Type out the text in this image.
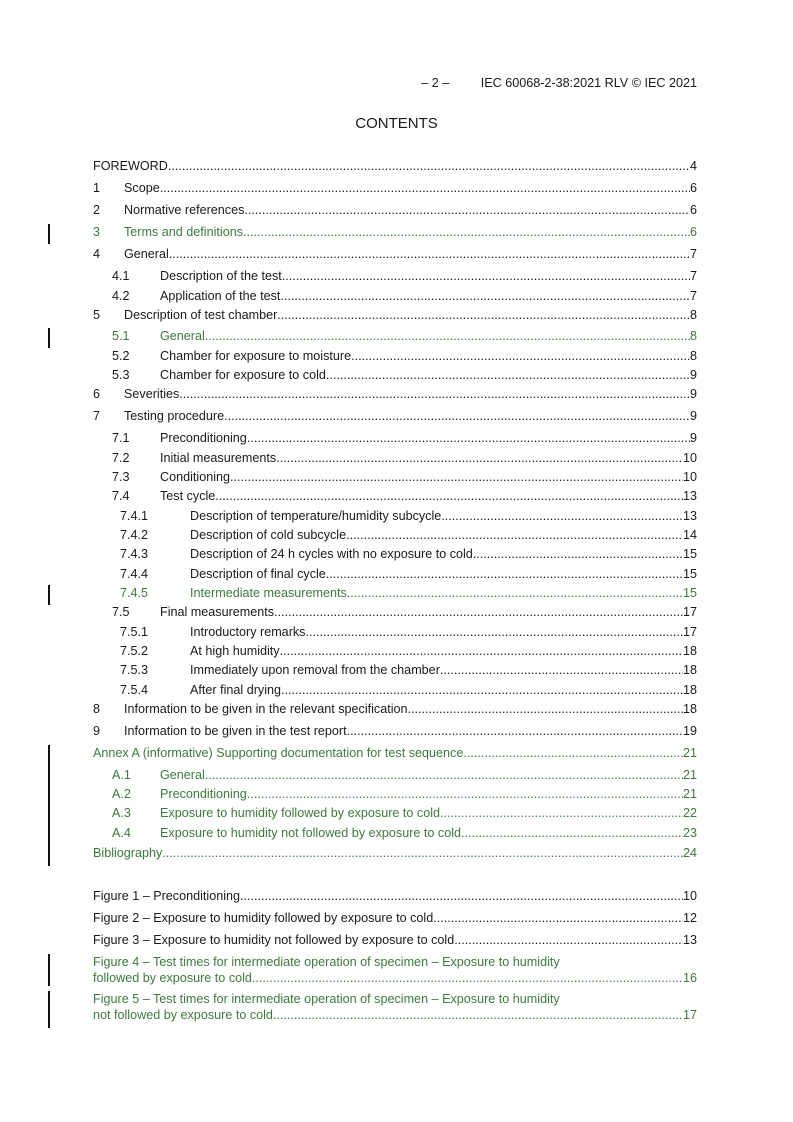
– 2 –	IEC 60068-2-38:2021 RLV © IEC 2021
CONTENTS
FOREWORD .....	4
1 Scope .....	6
2 Normative references .....	6
3 Terms and definitions .....	6
4 General .....	7
4.1 Description of the test .....	7
4.2 Application of the test .....	7
5 Description of test chamber .....	8
5.1 General .....	8
5.2 Chamber for exposure to moisture .....	8
5.3 Chamber for exposure to cold .....	9
6 Severities .....	9
7 Testing procedure .....	9
7.1 Preconditioning .....	9
7.2 Initial measurements .....	10
7.3 Conditioning .....	10
7.4 Test cycle .....	13
7.4.1	Description of temperature/humidity subcycle .....	13
7.4.2	Description of cold subcycle .....	14
7.4.3	Description of 24 h cycles with no exposure to cold .....	15
7.4.4	Description of final cycle .....	15
7.4.5	Intermediate measurements .....	15
7.5 Final measurements .....	17
7.5.1	Introductory remarks .....	17
7.5.2	At high humidity .....	18
7.5.3	Immediately upon removal from the chamber .....	18
7.5.4	After final drying .....	18
8 Information to be given in the relevant specification .....	18
9 Information to be given in the test report .....	19
Annex A (informative) Supporting documentation for test sequence .....	21
A.1 General .....	21
A.2 Preconditioning .....	21
A.3 Exposure to humidity followed by exposure to cold .....	22
A.4 Exposure to humidity not followed by exposure to cold .....	23
Bibliography .....	24
Figure 1 – Preconditioning .....	10
Figure 2 – Exposure to humidity followed by exposure to cold .....	12
Figure 3 – Exposure to humidity not followed by exposure to cold .....	13
Figure 4 – Test times for intermediate operation of specimen – Exposure to humidity
followed by exposure to cold .....	16
Figure 5 – Test times for intermediate operation of specimen – Exposure to humidity
not followed by exposure to cold .....	17
